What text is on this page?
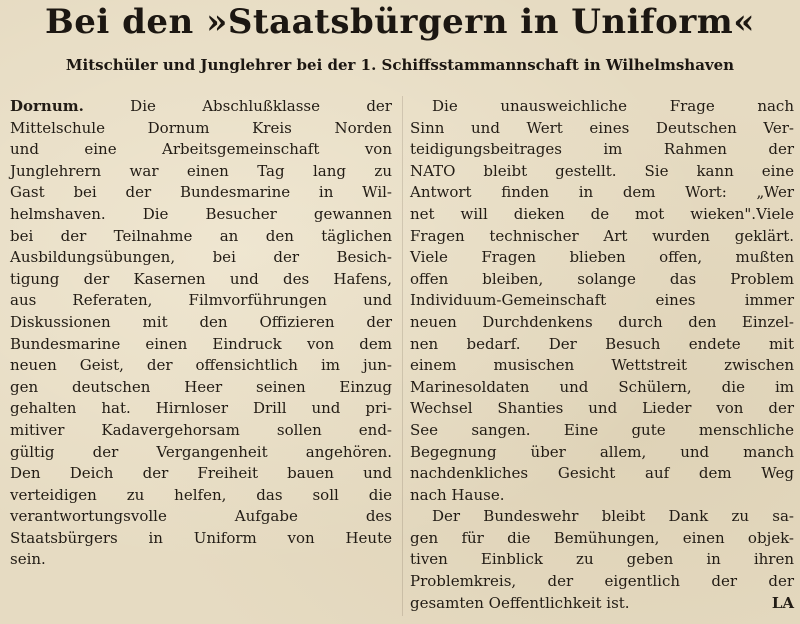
Bei den »Staatsbürgern in Uniform«
Mitschüler und Junglehrer bei der 1. Schiffsstammannschaft in Wilhelmshaven
Dornum.	Die Abschlußklasse der
Mittelschule Dornum Kreis Norden
und eine Arbeitsgemeinschaft von
Junglehrern war einen Tag lang zu
Gast bei der Bundesmarine in Wil-
helmshaven. Die Besucher gewannen
bei der Teilnahme an den täglichen
Ausbildungsübungen, bei der Besich-
tigung der Kasernen und des Hafens,
aus Referaten, Filmvorführungen und
Diskussionen mit den Offizieren der
Bundesmarine einen Eindruck von dem
neuen Geist, der offensichtlich im jun-
gen deutschen Heer seinen Einzug
gehalten hat. Hirnloser Drill und pri-
mitiver Kadavergehorsam sollen end-
gültig der Vergangenheit angehören.
Den Deich der Freiheit bauen und
verteidigen zu helfen, das soll die
verantwortungsvolle Aufgabe des
Staatsbürgers in Uniform von Heute
sein.
Die unausweichliche Frage nach
Sinn und Wert eines Deutschen Ver-
teidigungsbeitrages im Rahmen der
NATO bleibt gestellt. Sie kann eine
Antwort finden in dem Wort: „Wer
net will dieken de mot wieken".Viele
Fragen technischer Art wurden geklärt.
Viele Fragen blieben offen, mußten
offen bleiben, solange das Problem
Individuum-Gemeinschaft eines immer
neuen Durchdenkens durch den Einzel-
nen bedarf. Der Besuch endete mit
einem musischen Wettstreit zwischen
Marinesoldaten und Schülern, die im
Wechsel Shanties und Lieder von der
See sangen. Eine gute menschliche
Begegnung über allem, und manch
nachdenkliches Gesicht auf dem Weg
nach Hause.
Der Bundeswehr bleibt Dank zu sa-
gen für die Bemühungen, einen objek-
tiven Einblick zu geben in ihren
Problemkreis, der eigentlich der der
gesamten Oeffentlichkeit ist.	LA
